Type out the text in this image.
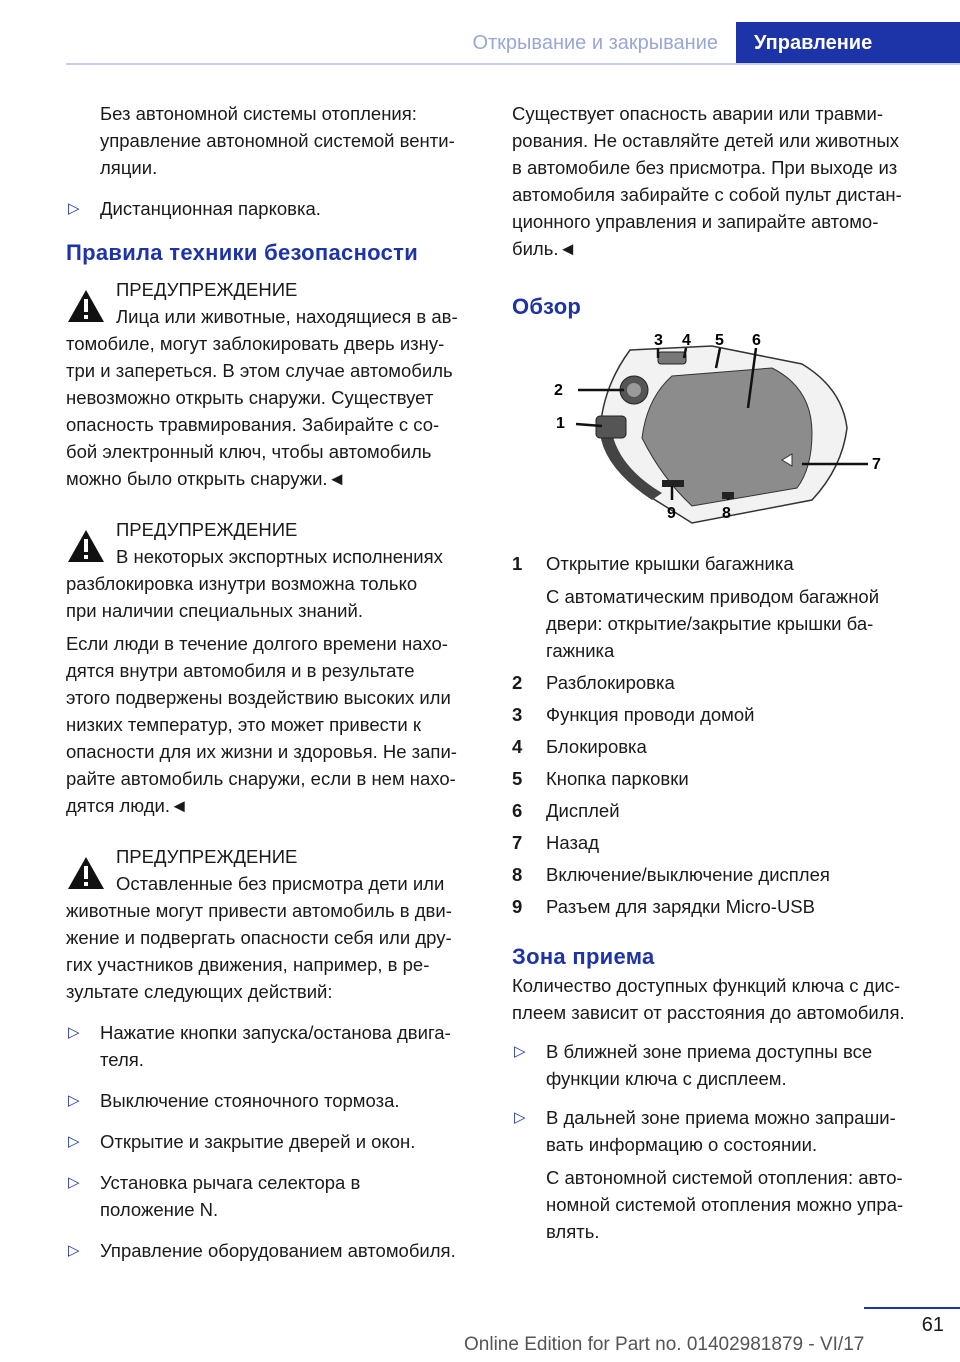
Открывание и закрывание	Управление

Без автономной системы отопления:

управление автономной системой венти-

ляции.

▷ Дистанционная парковка.

Правила техники безопасности

ПРЕДУПРЕЖДЕНИЕ

Лица или животные, находящиеся в ав-

томобиле, могут заблокировать дверь изну-

три и запереться. В этом случае автомобиль

невозможно открыть снаружи. Существует

опасность травмирования. Забирайте с со-

бой электронный ключ, чтобы автомобиль

можно было открыть снаружи.◄

ПРЕДУПРЕЖДЕНИЕ

В некоторых экспортных исполнениях

разблокировка изнутри возможна только

при наличии специальных знаний.

Если люди в течение долгого времени нахо-

дятся внутри автомобиля и в результате

этого подвержены воздействию высоких или

низких температур, это может привести к

опасности для их жизни и здоровья. Не запи-

райте автомобиль снаружи, если в нем нахо-

дятся люди.◄

ПРЕДУПРЕЖДЕНИЕ

Оставленные без присмотра дети или

животные могут привести автомобиль в дви-

жение и подвергать опасности себя или дру-

гих участников движения, например, в ре-

зультате следующих действий:

▷ Нажатие кнопки запуска/останова двига-

теля.

▷ Выключение стояночного тормоза.

▷ Открытие и закрытие дверей и окон.

▷ Установка рычага селектора в

положение N.

▷ Управление оборудованием автомобиля.

Существует опасность аварии или травми-

рования. Не оставляйте детей или животных

в автомобиле без присмотра. При выходе из

автомобиля забирайте с собой пульт дистан-

ционного управления и запирайте автомо-

биль.◄

Обзор
1
2
3 4 5 6
7
8
9
1 Открытие крышки багажника

С автоматическим приводом багажной

двери: открытие/закрытие крышки ба-

гажника

2 Разблокировка

3 Функция проводи домой

4 Блокировка

5 Кнопка парковки

6 Дисплей

7 Назад

8 Включение/выключение дисплея

9 Разъем для зарядки Micro-USB

Зона приема

Количество доступных функций ключа с дис-

плеем зависит от расстояния до автомобиля.

▷ В ближней зоне приема доступны все

функции ключа с дисплеем.

▷ В дальней зоне приема можно запраши-

вать информацию о состоянии.

С автономной системой отопления: авто-

номной системой отопления можно упра-

влять.

61
Online Edition for Part no. 01402981879 - VI/17
